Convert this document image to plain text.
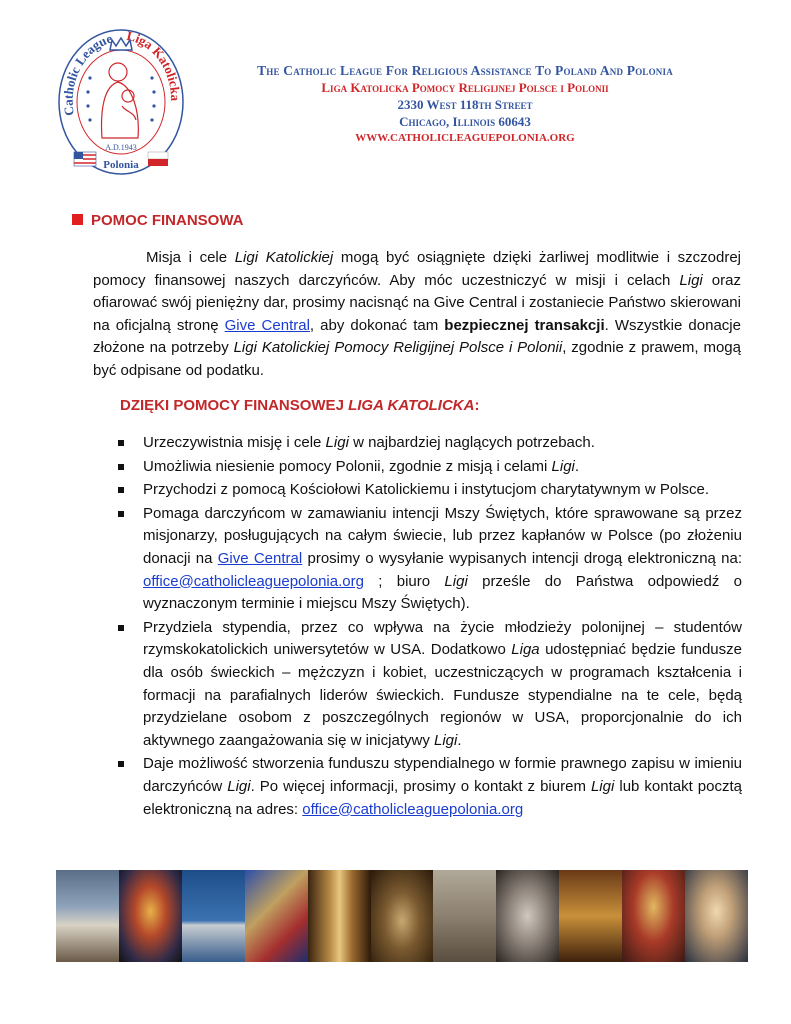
Catholic League Liga Katolicka
A.D.1943
Polonia
The Catholic League For Religious Assistance To Poland And Polonia
Liga Katolicka Pomocy Religijnej Polsce i Polonii
2330 West 118th Street
Chicago, Illinois 60643
WWW.CATHOLICLEAGUEPOLONIA.ORG
POMOC FINANSOWA
Misja i cele Ligi Katolickiej mogą być osiągnięte dzięki żarliwej modlitwie i szczodrej pomocy finansowej naszych darczyńców. Aby móc uczestniczyć w misji i celach Ligi oraz ofiarować swój pieniężny dar, prosimy nacisnąć na Give Central i zostaniecie Państwo skierowani na oficjalną stronę Give Central, aby dokonać tam bezpiecznej transakcji. Wszystkie donacje złożone na potrzeby Ligi Katolickiej Pomocy Religijnej Polsce i Polonii, zgodnie z prawem, mogą być odpisane od podatku.
DZIĘKI POMOCY FINANSOWEJ LIGA KATOLICKA:
Urzeczywistnia misję i cele Ligi w najbardziej naglących potrzebach.
Umożliwia niesienie pomocy Polonii, zgodnie z misją i celami Ligi.
Przychodzi z pomocą Kościołowi Katolickiemu i instytucjom charytatywnym w Polsce.
Pomaga darczyńcom w zamawianiu intencji Mszy Świętych, które sprawowane są przez misjonarzy, posługujących na całym świecie, lub przez kapłanów w Polsce (po złożeniu donacji na Give Central prosimy o wysyłanie wypisanych intencji drogą elektroniczną na: office@catholicleaguepolonia.org ; biuro Ligi prześle do Państwa odpowiedź o wyznaczonym terminie i miejscu Mszy Świętych).
Przydziela stypendia, przez co wpływa na życie młodzieży polonijnej – studentów rzymskokatolickich uniwersytetów w USA. Dodatkowo Liga udostępniać będzie fundusze dla osób świeckich – mężczyzn i kobiet, uczestniczących w programach kształcenia i formacji na parafialnych liderów świeckich. Fundusze stypendialne na te cele, będą przydzielane osobom z poszczególnych regionów w USA, proporcjonalnie do ich aktywnego zaangażowania się w inicjatywy Ligi.
Daje możliwość stworzenia funduszu stypendialnego w formie prawnego zapisu w imieniu darczyńców Ligi. Po więcej informacji, prosimy o kontakt z biurem Ligi lub kontakt pocztą elektroniczną na adres: office@catholicleaguepolonia.org
